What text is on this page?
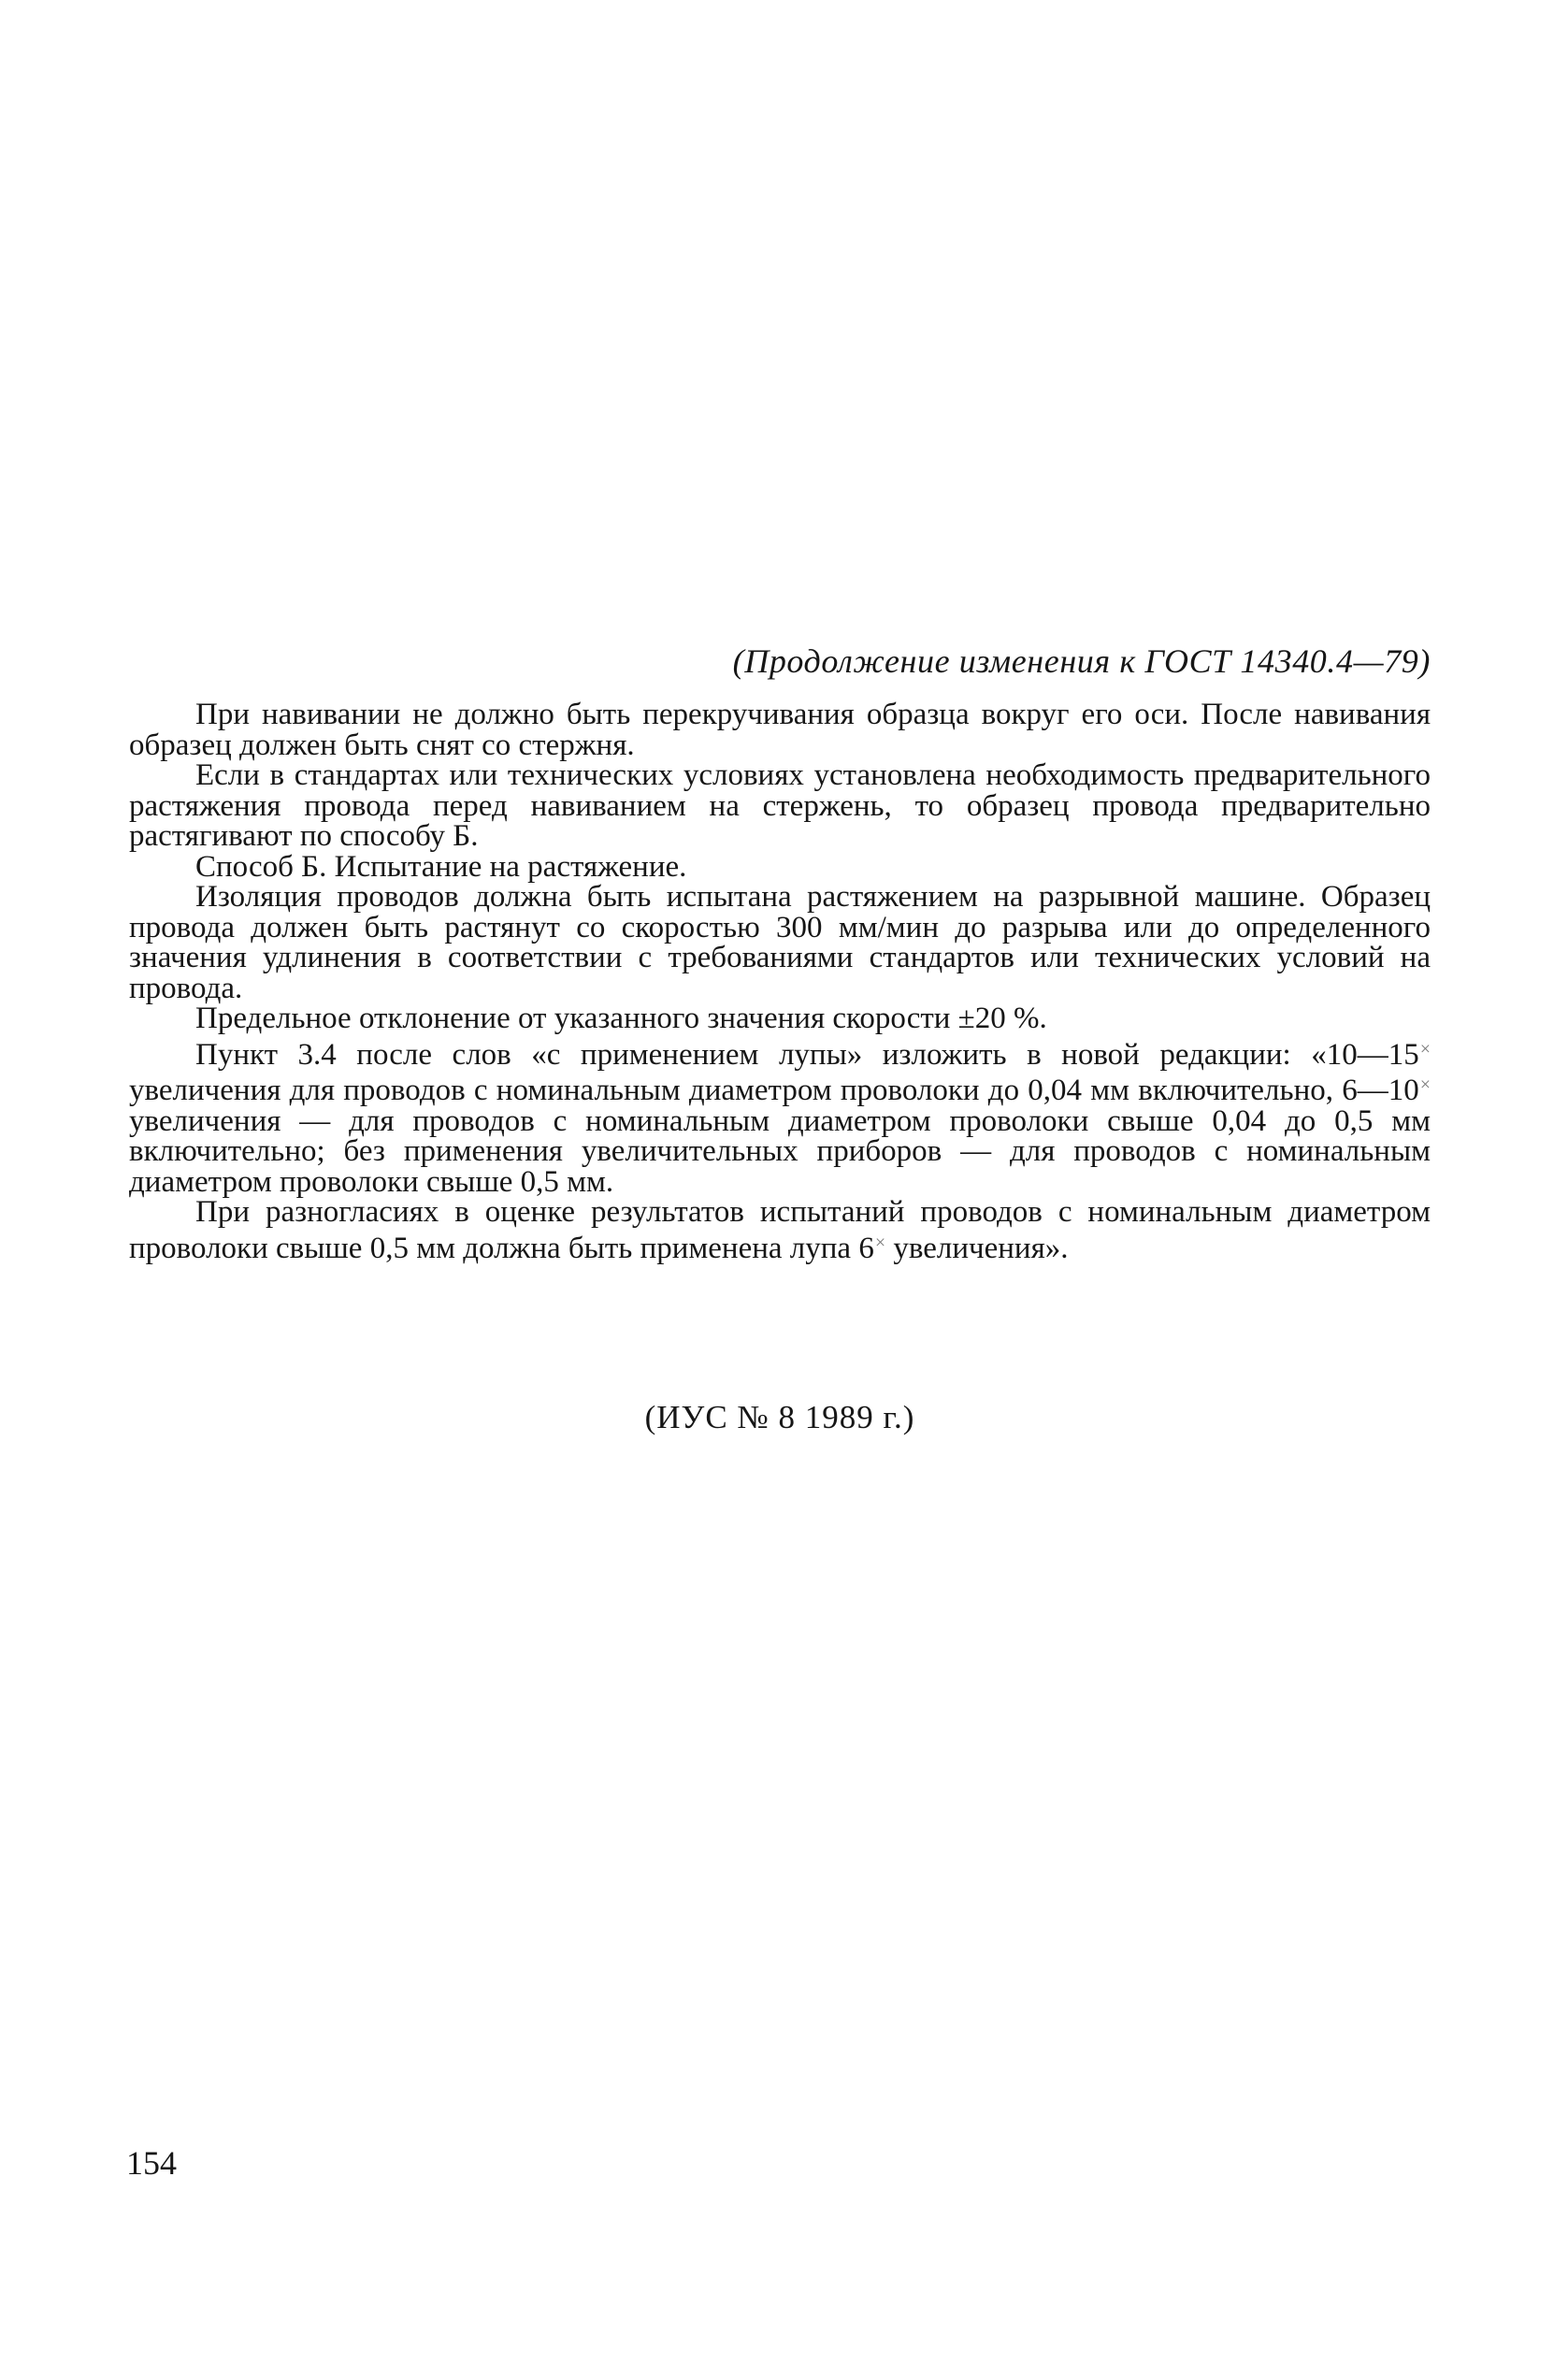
(Продолжение изменения к ГОСТ 14340.4—79)

При навивании не должно быть перекручивания образца вокруг его оси. После навивания образец должен быть снят со стержня.

Если в стандартах или технических условиях установлена необходимость предварительного растяжения провода перед навиванием на стержень, то образец провода предварительно растягивают по способу Б.

Способ Б. Испытание на растяжение.

Изоляция проводов должна быть испытана растяжением на разрывной машине. Образец провода должен быть растянут со скоростью 300 мм/мин до разрыва или до определенного значения удлинения в соответствии с требованиями стандартов или технических условий на провода.

Предельное отклонение от указанного значения скорости ±20 %.

Пункт 3.4 после слов «с применением лупы» изложить в новой редакции: «10—15× увеличения для проводов с номинальным диаметром проволоки до 0,04 мм включительно, 6—10× увеличения — для проводов с номинальным диаметром проволоки свыше 0,04 до 0,5 мм включительно; без применения увеличительных приборов — для проводов с номинальным диаметром проволоки свыше 0,5 мм.

При разногласиях в оценке результатов испытаний проводов с номинальным диаметром проволоки свыше 0,5 мм должна быть применена лупа 6× увеличения».

(ИУС № 8 1989 г.)
154
